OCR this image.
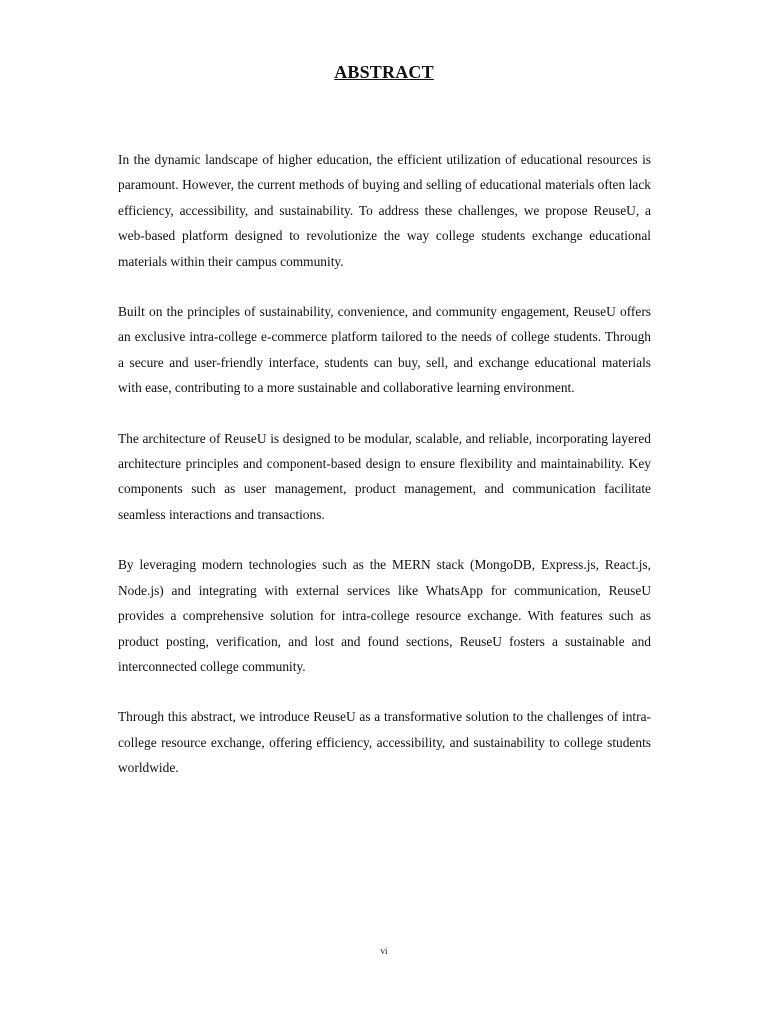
ABSTRACT

In the dynamic landscape of higher education, the efficient utilization of educational resources is paramount. However, the current methods of buying and selling of educational materials often lack efficiency, accessibility, and sustainability. To address these challenges, we propose ReuseU, a web-based platform designed to revolutionize the way college students exchange educational materials within their campus community.

Built on the principles of sustainability, convenience, and community engagement, ReuseU offers an exclusive intra-college e-commerce platform tailored to the needs of college students. Through a secure and user-friendly interface, students can buy, sell, and exchange educational materials with ease, contributing to a more sustainable and collaborative learning environment.

The architecture of ReuseU is designed to be modular, scalable, and reliable, incorporating layered architecture principles and component-based design to ensure flexibility and maintainability. Key components such as user management, product management, and communication facilitate seamless interactions and transactions.

By leveraging modern technologies such as the MERN stack (MongoDB, Express.js, React.js, Node.js) and integrating with external services like WhatsApp for communication, ReuseU provides a comprehensive solution for intra-college resource exchange. With features such as product posting, verification, and lost and found sections, ReuseU fosters a sustainable and interconnected college community.

Through this abstract, we introduce ReuseU as a transformative solution to the challenges of intra-college resource exchange, offering efficiency, accessibility, and sustainability to college students worldwide.

vi
